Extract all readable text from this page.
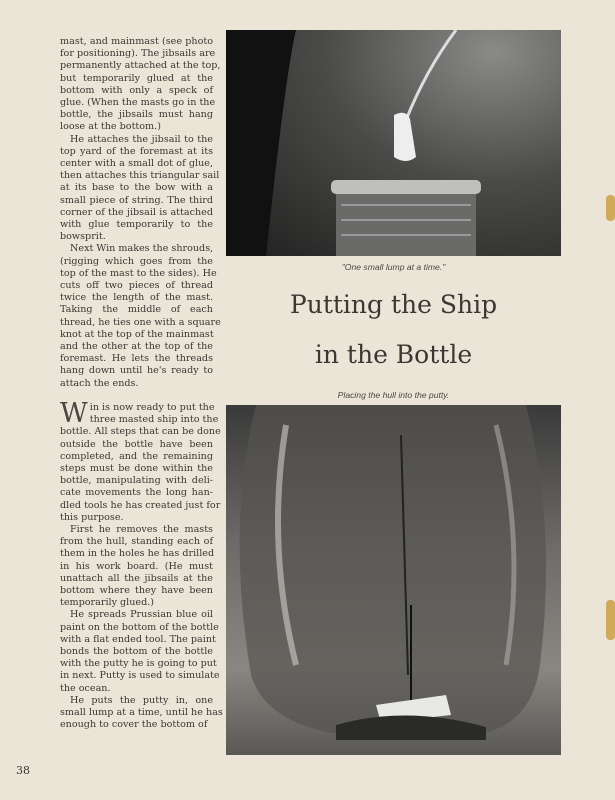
mast, and mainmast (see photo
for positioning). The jibsails are
permanently attached at the top,
but temporarily glued at the
bottom with only a speck of
glue. (When the masts go in the
bottle, the jibsails must hang
loose at the bottom.)
He attaches the jibsail to the
top yard of the foremast at its
center with a small dot of glue,
then attaches this triangular sail
at its base to the bow with a
small piece of string. The third
corner of the jibsail is attached
with glue temporarily to the
bowsprit.
Next Win makes the shrouds,
(rigging which goes from the
top of the mast to the sides). He
cuts off two pieces of thread
twice the length of the mast.
Taking the middle of each
thread, he ties one with a square
knot at the top of the mainmast
and the other at the top of the
foremast. He lets the threads
hang down until he's ready to
attach the ends.
W in is now ready to put the
three masted ship into the
bottle. All steps that can be done
outside the bottle have been
completed, and the remaining
steps must be done within the
bottle, manipulating with deli-
cate movements the long han-
dled tools he has created just for
this purpose.
First he removes the masts
from the hull, standing each of
them in the holes he has drilled
in his work board. (He must
unattach all the jibsails at the
bottom where they have been
temporarily glued.)
He spreads Prussian blue oil
paint on the bottom of the bottle
with a flat ended tool. The paint
bonds the bottom of the bottle
with the putty he is going to put
in next. Putty is used to simulate
the ocean.
He puts the putty in, one
small lump at a time, until he has
enough to cover the bottom of
"One small lump at a time."
Putting the Ship
in the Bottle
Placing the hull into the putty.
38
